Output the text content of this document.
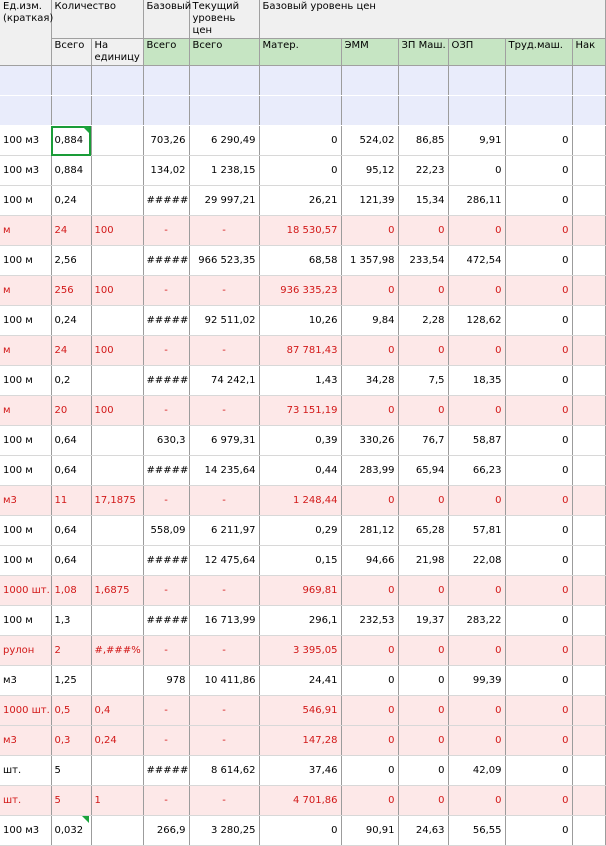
Ед.изм. (краткая)	Количество		Базовый	Текущий уровень цен	Базовый уровень цен					
	Всего	На единицу	Всего	Всего	Матер.	ЭММ	ЗП Маш.	ОЗП	Труд.маш.	Нак

100 м3	0,884		703,26	6 290,49	0	524,02	86,85	9,91	0	
100 м3	0,884		134,02	1 238,15	0	95,12	22,23	0	0	
100 м	0,24		#####	29 997,21	26,21	121,39	15,34	286,11	0	
м	24	100	-	-	18 530,57	0	0	0	0	
100 м	2,56		#####	966 523,35	68,58	1 357,98	233,54	472,54	0	
м	256	100	-	-	936 335,23	0	0	0	0	
100 м	0,24		#####	92 511,02	10,26	9,84	2,28	128,62	0	
м	24	100	-	-	87 781,43	0	0	0	0	
100 м	0,2		#####	74 242,1	1,43	34,28	7,5	18,35	0	
м	20	100	-	-	73 151,19	0	0	0	0	
100 м	0,64		630,3	6 979,31	0,39	330,26	76,7	58,87	0	
100 м	0,64		#####	14 235,64	0,44	283,99	65,94	66,23	0	
м3	11	17,1875	-	-	1 248,44	0	0	0	0	
100 м	0,64		558,09	6 211,97	0,29	281,12	65,28	57,81	0	
100 м	0,64		#####	12 475,64	0,15	94,66	21,98	22,08	0	
1000 шт.	1,08	1,6875	-	-	969,81	0	0	0	0	
100 м	1,3		#####	16 713,99	296,1	232,53	19,37	283,22	0	
рулон	2	#,###%	-	-	3 395,05	0	0	0	0	
м3	1,25		978	10 411,86	24,41	0	0	99,39	0	
1000 шт.	0,5	0,4	-	-	546,91	0	0	0	0	
м3	0,3	0,24	-	-	147,28	0	0	0	0	
шт.	5		#####	8 614,62	37,46	0	0	42,09	0	
шт.	5	1	-	-	4 701,86	0	0	0	0	
100 м3	0,032		266,9	3 280,25	0	90,91	24,63	56,55	0	
